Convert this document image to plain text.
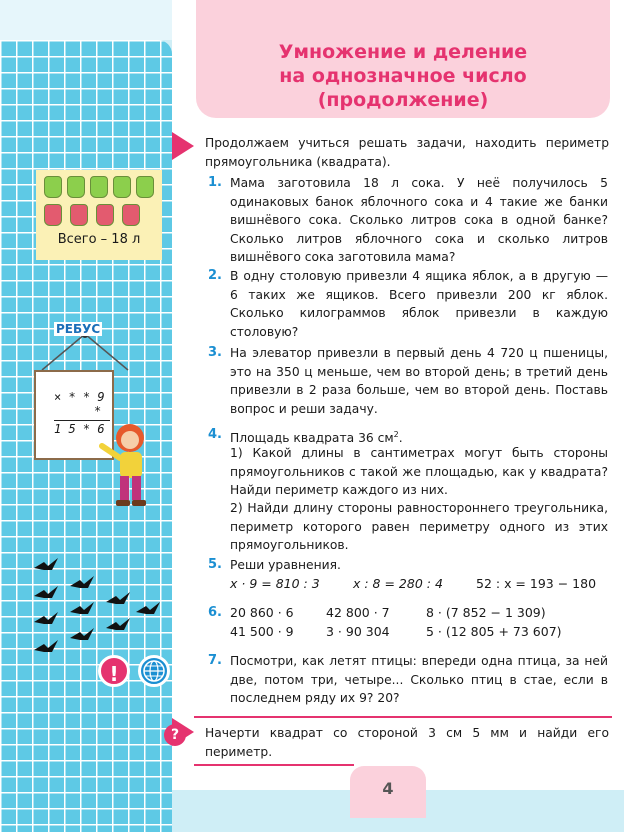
Умножение и деление
на однозначное число
(продолжение)
Продолжаем учиться решать задачи, находить периметр прямоугольника (квадрата).
1. Мама заготовила 18 л сока. У неё получилось 5 одинаковых банок яблочного сока и 4 такие же банки вишнёвого сока. Сколько литров сока в одной банке? Сколько литров яблочного сока и сколько литров вишнёвого сока заготовила мама?
2. В одну столовую привезли 4 ящика яблок, а в другую — 6 таких же ящиков. Всего привезли 200 кг яблок. Сколько килограммов яблок привезли в каждую столовую?
3. На элеватор привезли в первый день 4 720 ц пшеницы, это на 350 ц меньше, чем во второй день; в третий день привезли в 2 раза больше, чем во второй день. Поставь вопрос и реши задачу.
4. Площадь квадрата 36 $см^2$.
1) Какой длины в сантиметрах могут быть стороны прямоугольников с такой же площадью, как у квадрата? Найди периметр каждого из них.
2) Найди длину стороны равностороннего треугольника, периметр которого равен периметру одного из этих прямоугольников.
5. Реши уравнения.
x · 9 = 810 : 3	x : 8 = 280 : 4	52 : x = 193 − 180
6. 20 860 · 6	42 800 · 7	8 · (7 852 − 1 309)
41 500 · 9	3 · 90 304	5 · (12 805 + 73 607)
7. Посмотри, как летят птицы: впереди одна птица, за ней две, потом три, четыре... Сколько птиц в стае, если в последнем ряду их 9? 20?
?	Начерти квадрат со стороной 3 см 5 мм и найди его периметр.
4
Всего – 18 л
РЕБУС
× * * 9
*
1 5 * 6
!
